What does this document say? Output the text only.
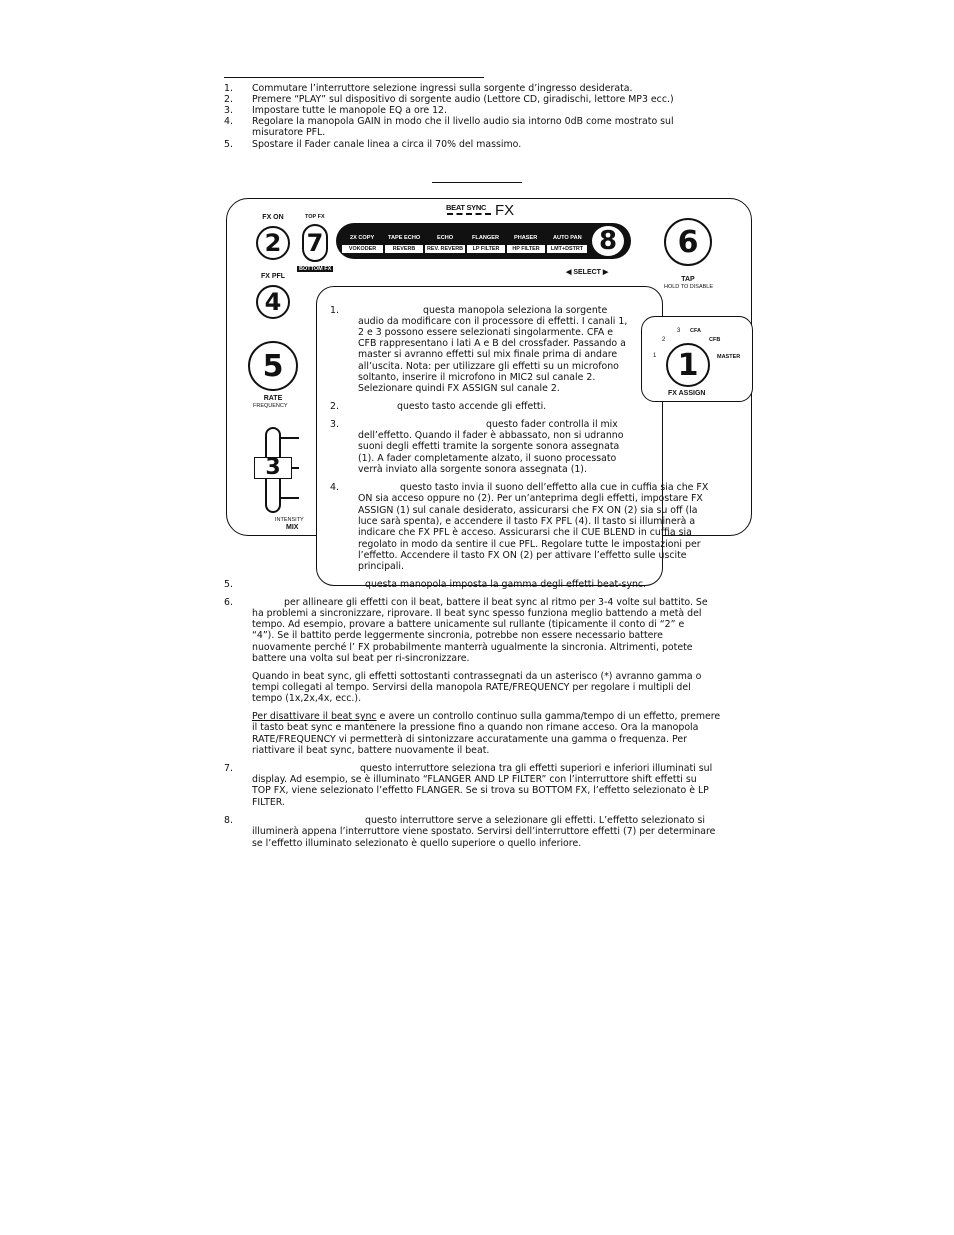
1. Commutare l’interruttore selezione ingressi sulla sorgente d’ingresso desiderata.
2. Premere “PLAY” sul dispositivo di sorgente audio (Lettore CD, giradischi, lettore MP3 ecc.)
3. Impostare tutte le manopole EQ a ore 12.
4. Regolare la manopola GAIN in modo che il livello audio sia intorno 0dB come mostrato sul
misuratore PFL.
5. Spostare il Fader canale linea a circa il 70% del massimo.
BEAT SYNC FX
FX ON
2
TOP FX
7
BOTTOM FX
FX PFL
4
5
RATE
FREQUENCY
3
INTENSITY
MIX
2X COPY TAPE ECHO	ECHO	FLANGER	PHASER	AUTO PAN
VOKODER	REVERB	REV. REVERB	LP FILTER	HP FILTER	LMT+DSTRT 8
◀ SELECT ▶
6
TAP
HOLD TO DISABLE
3 CFA
2	CFB
1	MASTER
1
FX ASSIGN
1.	questa manopola seleziona la sorgente
audio da modificare con il processore di effetti. I canali 1,
2 e 3 possono essere selezionati singolarmente. CFA e
CFB rappresentano i lati A e B del crossfader. Passando a
master si avranno effetti sul mix finale prima di andare
all’uscita. Nota: per utilizzare gli effetti su un microfono
soltanto, inserire il microfono in MIC2 sul canale 2.
Selezionare quindi FX ASSIGN sul canale 2.
2.	questo tasto accende gli effetti.
3.	questo fader controlla il mix
dell’effetto. Quando il fader è abbassato, non si udranno
suoni degli effetti tramite la sorgente sonora assegnata
(1). A fader completamente alzato, il suono processato
verrà inviato alla sorgente sonora assegnata (1).
4.	questo tasto invia il suono dell’effetto alla cue in cuffia sia che FX
ON sia acceso oppure no (2). Per un’anteprima degli effetti, impostare FX
ASSIGN (1) sul canale desiderato, assicurarsi che FX ON (2) sia su off (la
luce sarà spenta), e accendere il tasto FX PFL (4). Il tasto si illuminerà a
indicare che FX PFL è acceso. Assicurarsi che il CUE BLEND in cuffia sia
regolato in modo da sentire il cue PFL. Regolare tutte le impostazioni per
l’effetto. Accendere il tasto FX ON (2) per attivare l’effetto sulle uscite
principali.
5.	questa manopola imposta la gamma degli effetti beat-sync.
6.	per allineare gli effetti con il beat, battere il beat sync al ritmo per 3-4 volte sul battito. Se
ha problemi a sincronizzare, riprovare. Il beat sync spesso funziona meglio battendo a metà del
tempo. Ad esempio, provare a battere unicamente sul rullante (tipicamente il conto di “2” e
“4”). Se il battito perde leggermente sincronia, potrebbe non essere necessario battere
nuovamente perché l’ FX probabilmente manterrà ugualmente la sincronia. Altrimenti, potete
battere una volta sul beat per ri-sincronizzare.
Quando in beat sync, gli effetti sottostanti contrassegnati da un asterisco (*) avranno gamma o
tempi collegati al tempo. Servirsi della manopola RATE/FREQUENCY per regolare i multipli del
tempo (1x,2x,4x, ecc.).
Per disattivare il beat sync e avere un controllo continuo sulla gamma/tempo di un effetto, premere
il tasto beat sync e mantenere la pressione fino a quando non rimane acceso. Ora la manopola
RATE/FREQUENCY vi permetterà di sintonizzare accuratamente una gamma o frequenza. Per
riattivare il beat sync, battere nuovamente il beat.
7.	questo interruttore seleziona tra gli effetti superiori e inferiori illuminati sul
display. Ad esempio, se è illuminato “FLANGER AND LP FILTER” con l’interruttore shift effetti su
TOP FX, viene selezionato l’effetto FLANGER. Se si trova su BOTTOM FX, l’effetto selezionato è LP
FILTER.
8.	questo interruttore serve a selezionare gli effetti. L’effetto selezionato si
illuminerà appena l’interruttore viene spostato. Servirsi dell’interruttore effetti (7) per determinare
se l’effetto illuminato selezionato è quello superiore o quello inferiore.
